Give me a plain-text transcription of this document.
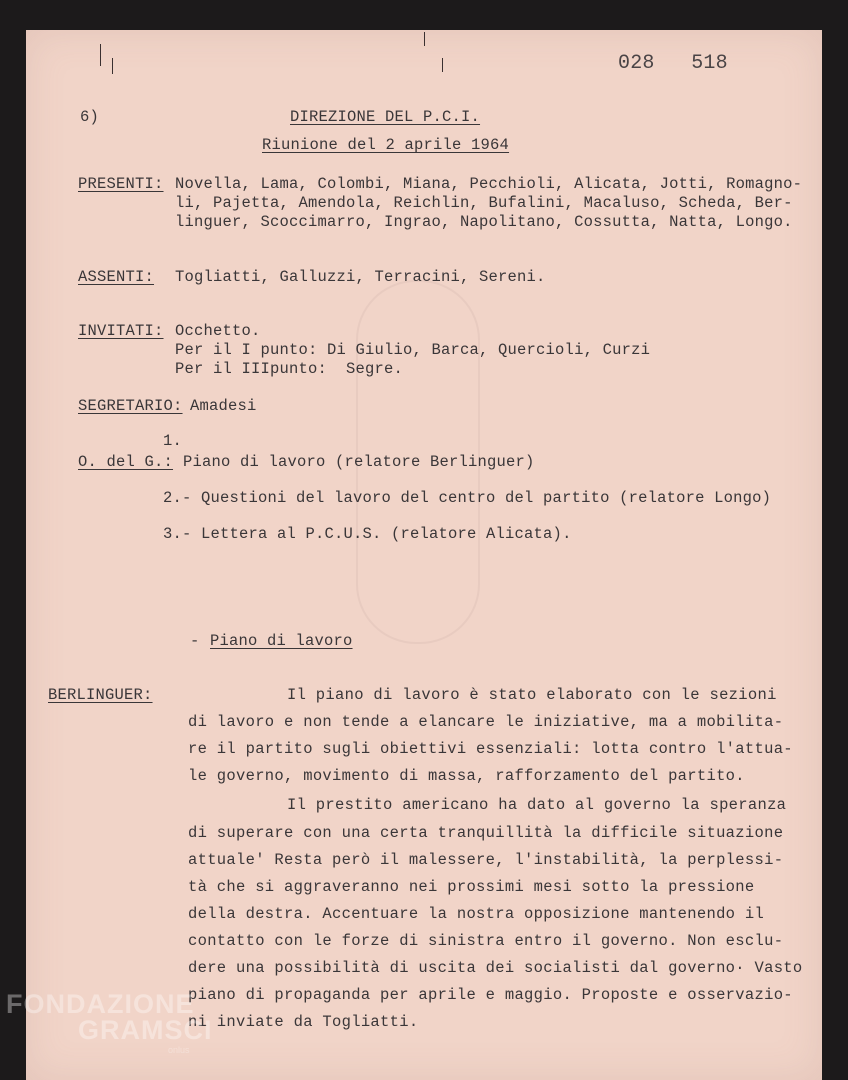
6)
028   518
DIREZIONE DEL P.C.I.
Riunione del 2 aprile 1964
PRESENTI: Novella, Lama, Colombi, Miana, Pecchioli, Alicata, Jotti, Romagno-
li, Pajetta, Amendola, Reichlin, Bufalini, Macaluso, Scheda, Ber-
linguer, Scoccimarro, Ingrao, Napolitano, Cossutta, Natta, Longo.
ASSENTI: Togliatti, Galluzzi, Terracini, Sereni.
INVITATI: Occhetto.
Per il I punto: Di Giulio, Barca, Quercioli, Curzi
Per il IIIpunto:  Segre.
SEGRETARIO: Amadesi
1.
O. del G.: Piano di lavoro (relatore Berlinguer)
2.- Questioni del lavoro del centro del partito (relatore Longo)
3.- Lettera al P.C.U.S. (relatore Alicata).
- Piano di lavoro
BERLINGUER:	Il piano di lavoro è stato elaborato con le sezioni
di lavoro e non tende a elancare le iniziative, ma a mobilita-
re il partito sugli obiettivi essenziali: lotta contro l'attua-
le governo, movimento di massa, rafforzamento del partito.
Il prestito americano ha dato al governo la speranza
di superare con una certa tranquillità la difficile situazione
attuale' Resta però il malessere, l'instabilità, la perplessi-
tà che si aggraveranno nei prossimi mesi sotto la pressione
della destra. Accentuare la nostra opposizione mantenendo il
contatto con le forze di sinistra entro il governo. Non esclu-
dere una possibilità di uscita dei socialisti dal governo· Vasto
piano di propaganda per aprile e maggio. Proposte e osservazio-
ni inviate da Togliatti.
FONDAZIONE
GRAMSCI
onlus
